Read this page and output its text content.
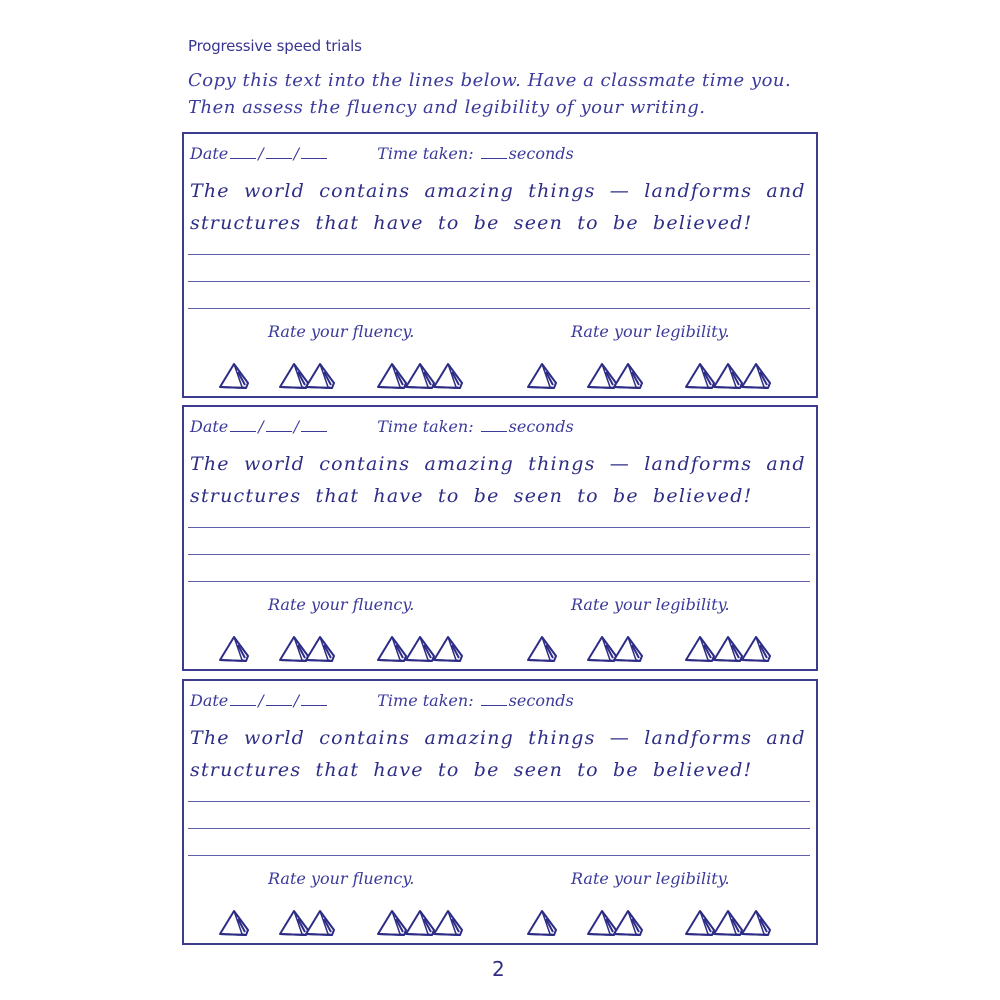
Progressive speed trials
Copy this text into the lines below. Have a classmate time you.
Then assess the fluency and legibility of your writing.
Date / /	Time taken: seconds
The world contains amazing things — landforms and
structures that have to be seen to be believed!
Rate your fluency.	Rate your legibility.
Date / /	Time taken: seconds
The world contains amazing things — landforms and
structures that have to be seen to be believed!
Rate your fluency.	Rate your legibility.
Date / /	Time taken: seconds
The world contains amazing things — landforms and
structures that have to be seen to be believed!
Rate your fluency.	Rate your legibility.
2
